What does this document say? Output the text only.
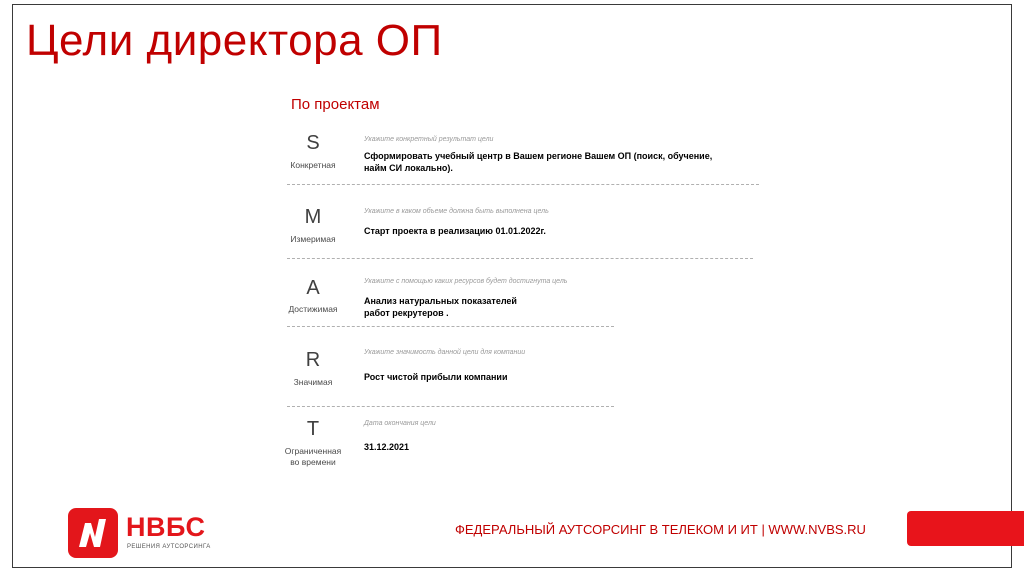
Цели директора ОП
По проектам
S
Конкретная
Укажите конкретный результат цели
Сформировать учебный центр в Вашем регионе Вашем ОП (поиск, обучение,
найм СИ локально).
M
Измеримая
Укажите в каком объеме должна быть выполнена цель
Старт проекта в реализацию 01.01.2022г.
A
Достижимая
Укажите с помощью каких ресурсов будет достигнута цель
Анализ натуральных показателей
работ рекрутеров .
R
Значимая
Укажите значимость данной цели для компании
Рост чистой прибыли компании
T
Ограниченная
во времени
Дата окончания цели
31.12.2021
НВБС
РЕШЕНИЯ АУТСОРСИНГА
ФЕДЕРАЛЬНЫЙ АУТСОРСИНГ В ТЕЛЕКОМ И ИТ | WWW.NVBS.RU
